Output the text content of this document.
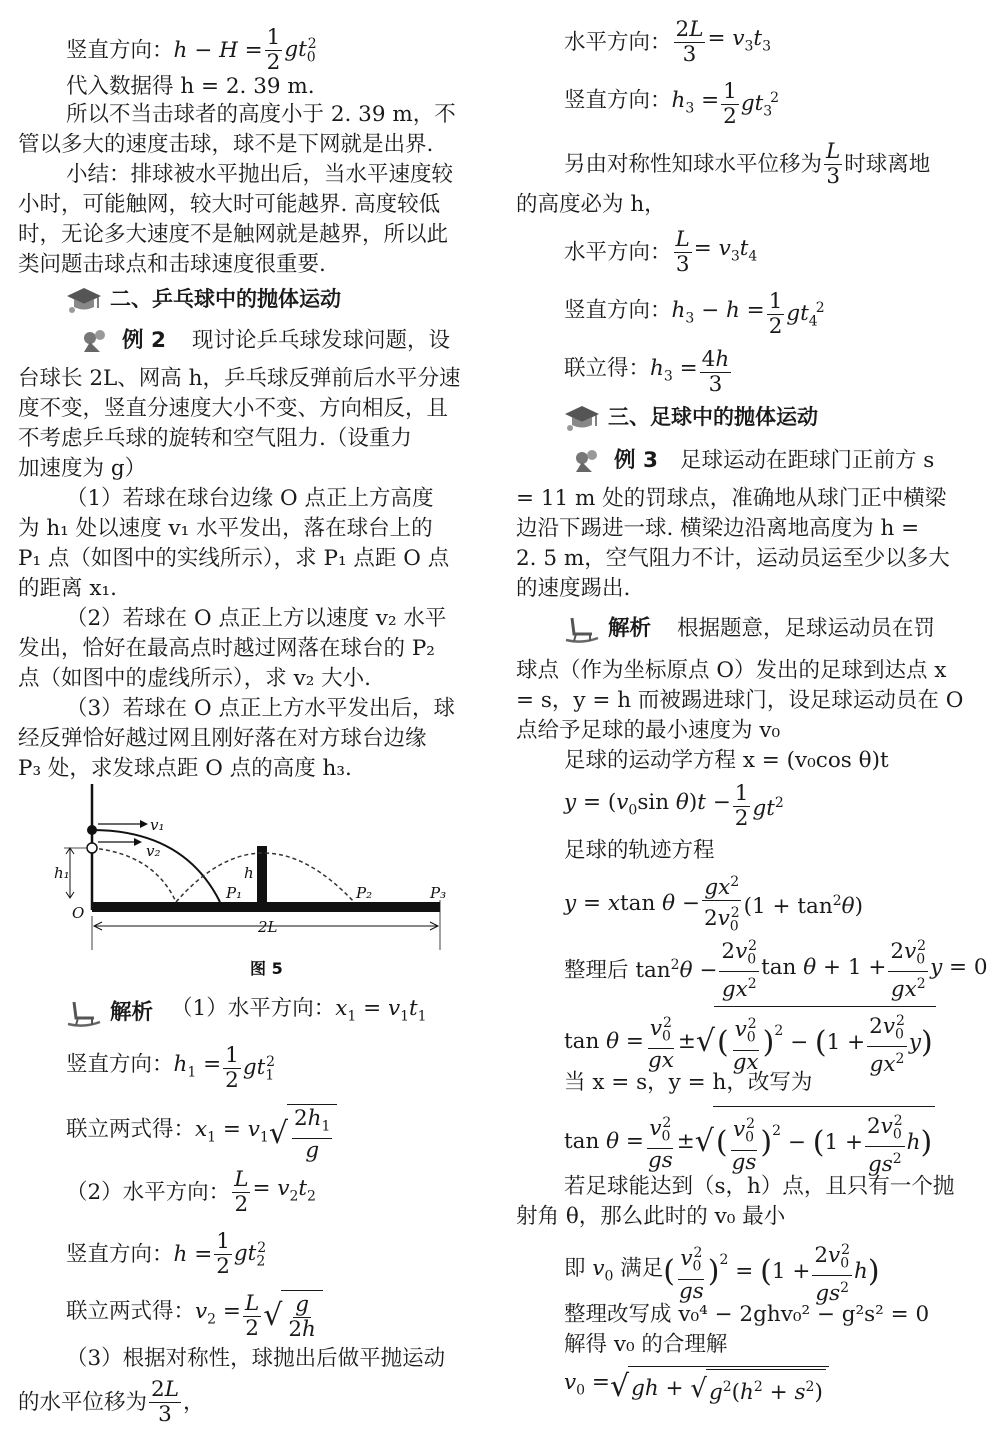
竖直方向：$h - H = \frac{1}{2} gt_0^2$
代入数据得 h = 2. 39 m.
所以不当击球者的高度小于 2. 39 m，不
管以多大的速度击球，球不是下网就是出界.
小结：排球被水平抛出后，当水平速度较
小时，可能触网，较大时可能越界. 高度较低
时，无论多大速度不是触网就是越界，所以此
类问题击球点和击球速度很重要.
二、乒乓球中的抛体运动
例 2 现讨论乒乓球发球问题，设
台球长 2L、网高 h，乒乓球反弹前后水平分速
度不变，竖直分速度大小不变、方向相反，且
不考虑乒乓球的旋转和空气阻力.（设重力
加速度为 g）
（1）若球在球台边缘 O 点正上方高度
为 h₁ 处以速度 v₁ 水平发出，落在球台上的
P₁ 点（如图中的实线所示），求 P₁ 点距 O 点
的距离 x₁.
（2）若球在 O 点正上方以速度 v₂ 水平
发出，恰好在最高点时越过网落在球台的 P₂
点（如图中的虚线所示），求 v₂ 大小.
（3）若球在 O 点正上方水平发出后，球
经反弹恰好越过网且刚好落在对方球台边缘
P₃ 处，求发球点距 O 点的高度 h₃.
v₁
v₂
h₁
O
h
P₁	P₂	P₃
2L
图 5
解析 （1）水平方向：$x_1 = v_1t_1$
竖直方向：$h_1 = \frac{1}{2} gt_1^2$
联立两式得：$x_1 = v_1$ √ $2h_1$
g
（2）水平方向： $\frac{L}{2} = v_2t_2$
竖直方向：$h = \frac{1}{2} gt_2^2$
联立两式得：$v_2 = \frac{L}{2}$ √ g
2h
（3）根据对称性，球抛出后做平抛运动
的水平位移为 2L
3 ，
水平方向： $\frac{2L}{3} = v_3t_3$
竖直方向：$h_3 = \frac{1}{2} gt_3^2$
另由对称性知球水平位移为 L
3 时球离地
的高度必为 h，
水平方向： $\frac{L}{3} = v_3t_4$
竖直方向：$h_3 - h = \frac{1}{2} gt_4^2$
联立得：$h_3 = \frac{4h}{3}$
三、足球中的抛体运动
例 3 足球运动在距球门正前方 s
= 11 m 处的罚球点，准确地从球门正中横梁
边沿下踢进一球. 横梁边沿离地高度为 h =
2. 5 m，空气阻力不计，运动员运至少以多大
的速度踢出.
解析 根据题意，足球运动员在罚
球点（作为坐标原点 O）发出的足球到达点 x
= s，y = h 而被踢进球门，设足球运动员在 O
点给予足球的最小速度为 v₀
足球的运动学方程 x = (v₀cos θ)t
$y = (v_0\sin$ $\theta)t - \frac{1}{2} gt^2$
足球的轨迹方程
y = xtan $\theta - \frac{gx^2}{2v_0^2} (1 + \tan^2\theta)$
整理后 $\tan^2\theta - \frac{2v_0^2}{gx^2}$ $\tan \theta + 1 + \frac{2v_0^2}{gx^2}$ y = 0
$\tan \theta = \frac{v_0^2}{gx}$ ± √ ( $v_0^2$
gx
)$^2$ − ( $1 + \frac{2v_0^2}{gx^2}$ y )
当 x = s，y = h，改写为
$\tan \theta = \frac{v_0^2}{gs}$ ± √ ( $v_0^2$
gs
)$^2$ − ( $1 + \frac{2v_0^2}{gs^2}$ h )
若足球能达到（s，h）点，且只有一个抛
射角 θ，那么此时的 v₀ 最小
即 $v_0$ 满足 ( $v_0^2$
gs
)$^2$ = ( $1 + \frac{2v_0^2}{gs^2}$ h )
整理改写成 v₀⁴ − 2ghv₀² − g²s² = 0
解得 v₀ 的合理解
$v_0$ = √ gh + √ $g^2(h^2 + s^2)$
